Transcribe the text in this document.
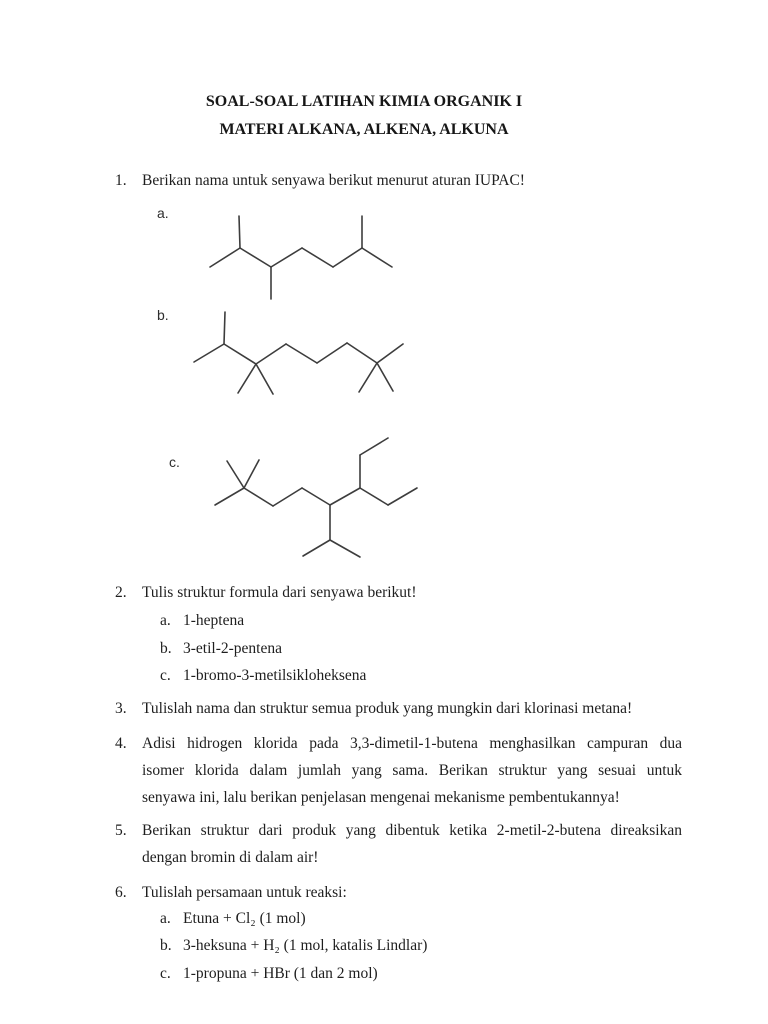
SOAL-SOAL LATIHAN KIMIA ORGANIK I
MATERI ALKANA, ALKENA, ALKUNA
1. Berikan nama untuk senyawa berikut menurut aturan IUPAC!
a.
b.
c.
2. Tulis struktur formula dari senyawa berikut!
a. 1-heptena
b. 3-etil-2-pentena
c. 1-bromo-3-metilsikloheksena
3. Tulislah nama dan struktur semua produk yang mungkin dari klorinasi metana!
4. Adisi hidrogen klorida pada 3,3-dimetil-1-butena menghasilkan campuran dua
isomer klorida dalam jumlah yang sama. Berikan struktur yang sesuai untuk
senyawa ini, lalu berikan penjelasan mengenai mekanisme pembentukannya!
5. Berikan struktur dari produk yang dibentuk ketika 2-metil-2-butena direaksikan
dengan bromin di dalam air!
6. Tulislah persamaan untuk reaksi:
a. Etuna + Cl₂ (1 mol)
b. 3-heksuna + H₂ (1 mol, katalis Lindlar)
c. 1-propuna + HBr (1 dan 2 mol)
